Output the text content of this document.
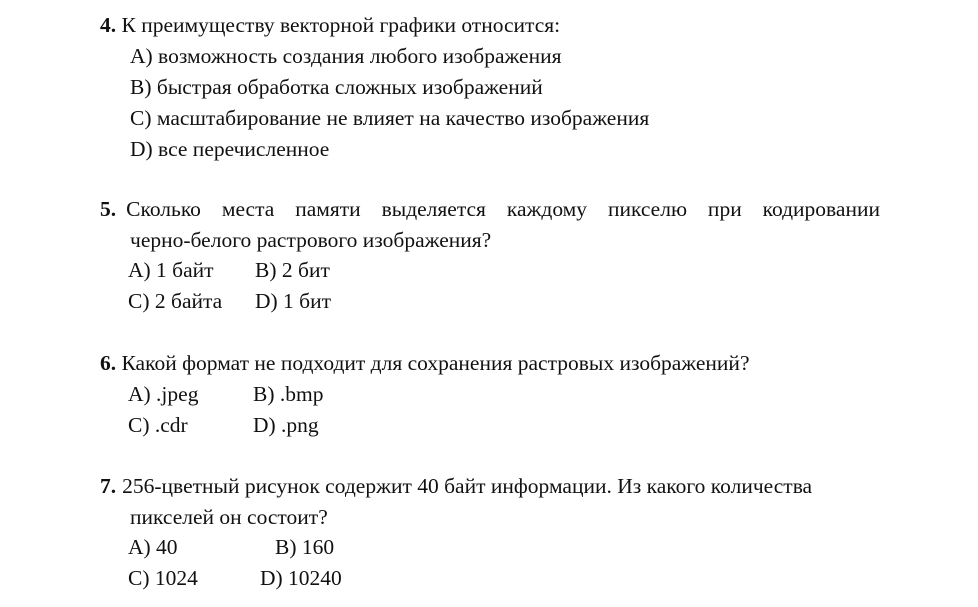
4. К преимуществу векторной графики относится:
A) возможность создания любого изображения
B) быстрая обработка сложных изображений
C) масштабирование не влияет на качество изображения
D) все перечисленное
5. Сколько места памяти выделяется каждому пикселю при кодировании
черно-белого растрового изображения?
A) 1 байт B) 2 бит
C) 2 байта D) 1 бит
6. Какой формат не подходит для сохранения растровых изображений?
A) .jpeg	B) .bmp
C) .cdr	D) .png
7. 256-цветный рисунок содержит 40 байт информации. Из какого количества
пикселей он состоит?
A) 40	B) 160
C) 1024	D) 10240
